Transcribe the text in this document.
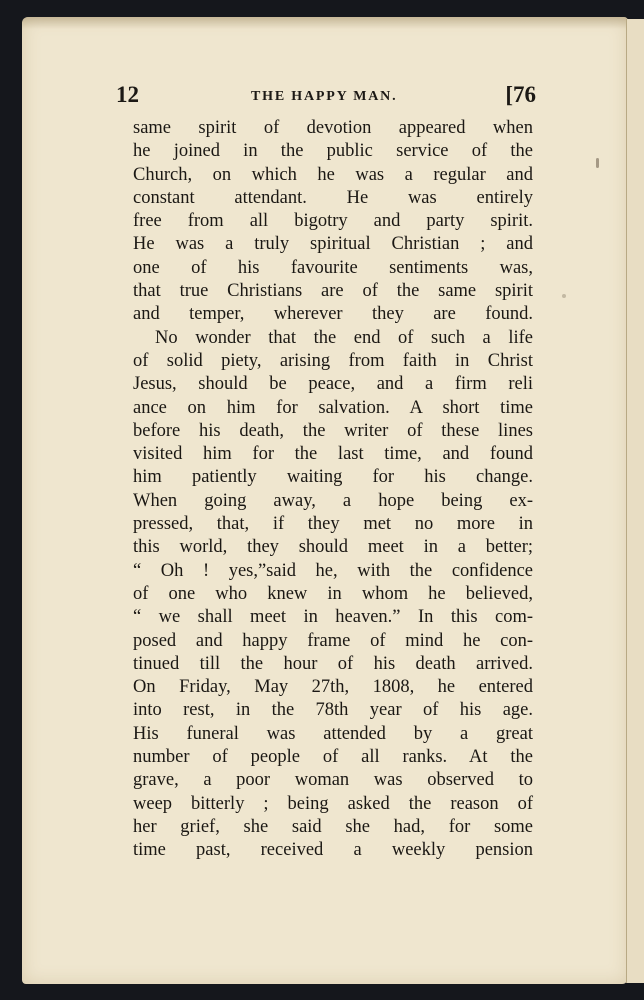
12	THE HAPPY MAN.	[76
same spirit of devotion appeared when
he joined in the public service of the
Church, on which he was a regular and
constant attendant. He was entirely
free from all bigotry and party spirit.
He was a truly spiritual Christian ; and
one of his favourite sentiments was,
that true Christians are of the same spirit
and temper, wherever they are found.
No wonder that the end of such a life
of solid piety, arising from faith in Christ
Jesus, should be peace, and a firm reli
ance on him for salvation. A short time
before his death, the writer of these lines
visited him for the last time, and found
him patiently waiting for his change.
When going away, a hope being ex-
pressed, that, if they met no more in
this world, they should meet in a better;
“ Oh ! yes,”said he, with the confidence
of one who knew in whom he believed,
“ we shall meet in heaven.” In this com-
posed and happy frame of mind he con-
tinued till the hour of his death arrived.
On Friday, May 27th, 1808, he entered
into rest, in the 78th year of his age.
His funeral was attended by a great
number of people of all ranks. At the
grave, a poor woman was observed to
weep bitterly ; being asked the reason of
her grief, she said she had, for some
time past, received a weekly pension
